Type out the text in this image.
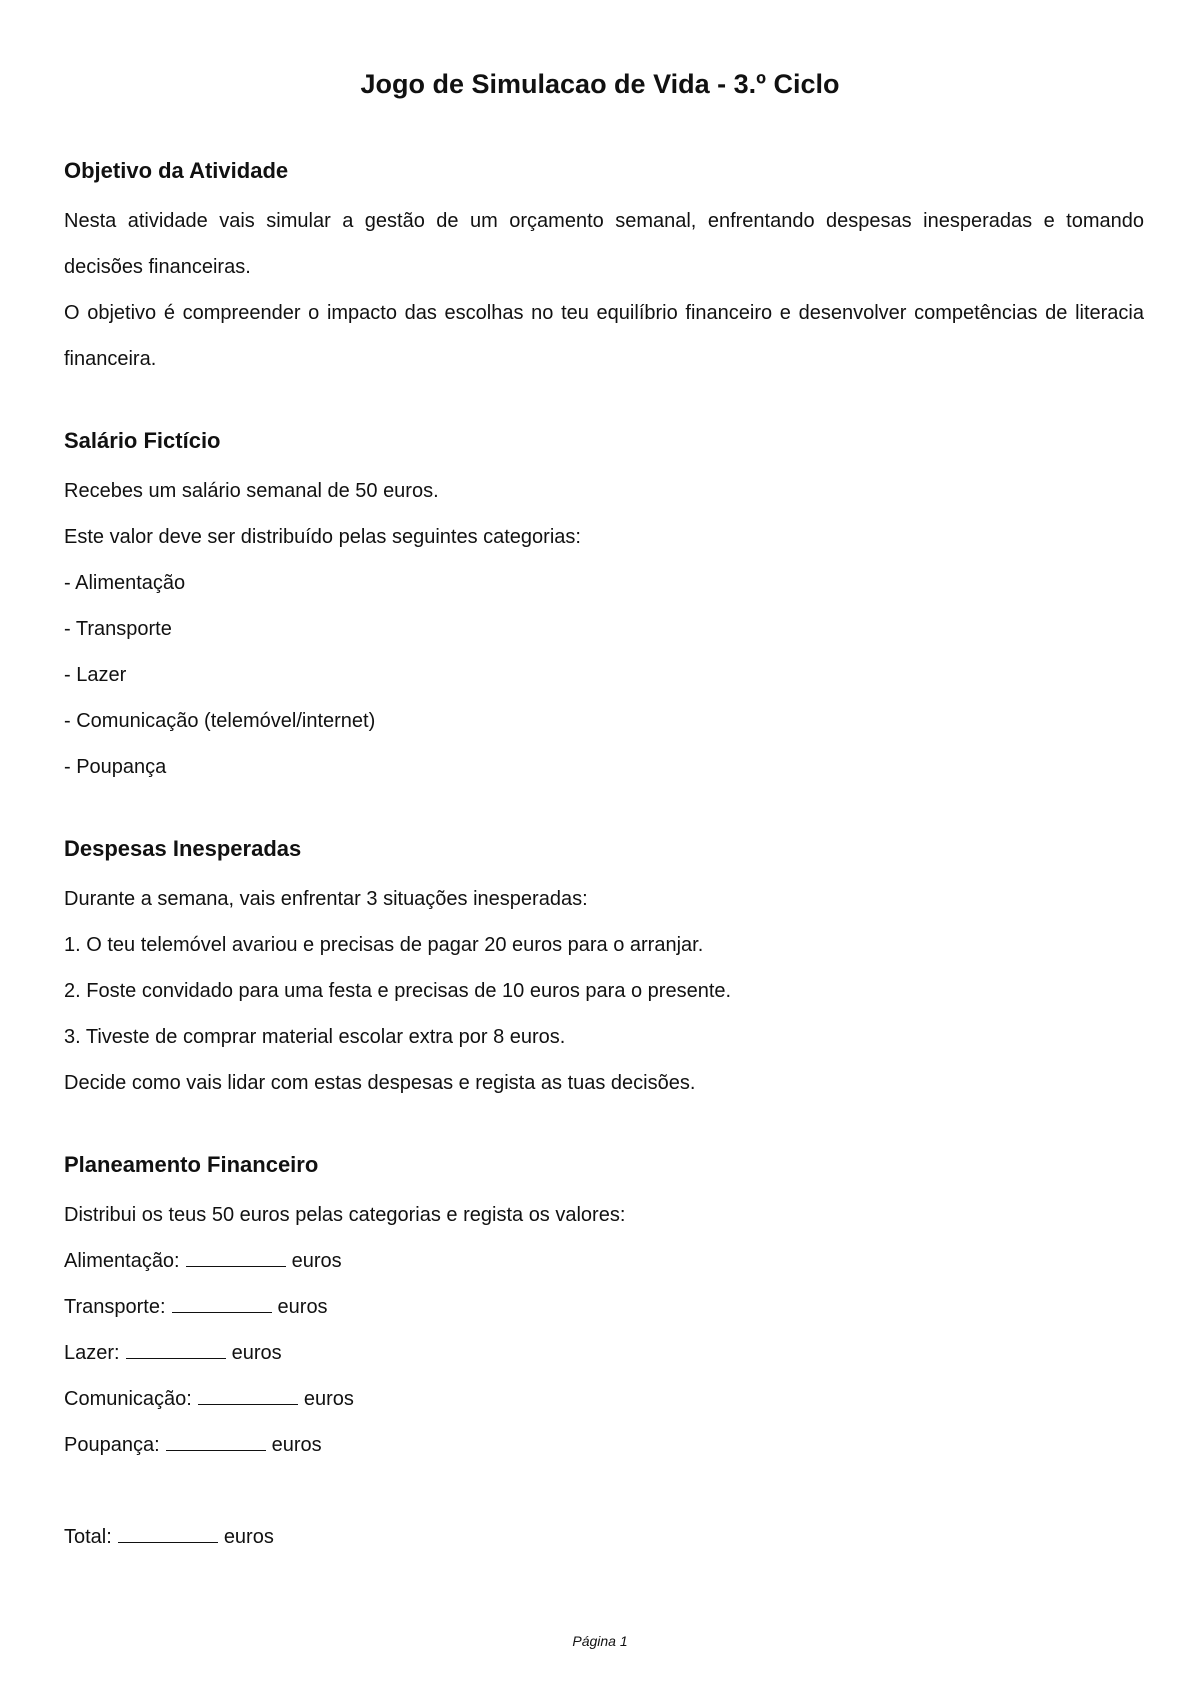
Jogo de Simulacao de Vida - 3.º Ciclo
Objetivo da Atividade

Nesta atividade vais simular a gestão de um orçamento semanal, enfrentando despesas inesperadas e tomando decisões financeiras.

O objetivo é compreender o impacto das escolhas no teu equilíbrio financeiro e desenvolver competências de literacia financeira.

Salário Fictício

Recebes um salário semanal de 50 euros.

Este valor deve ser distribuído pelas seguintes categorias:

- Alimentação

- Transporte

- Lazer

- Comunicação (telemóvel/internet)

- Poupança

Despesas Inesperadas

Durante a semana, vais enfrentar 3 situações inesperadas:

1. O teu telemóvel avariou e precisas de pagar 20 euros para o arranjar.

2. Foste convidado para uma festa e precisas de 10 euros para o presente.

3. Tiveste de comprar material escolar extra por 8 euros.

Decide como vais lidar com estas despesas e regista as tuas decisões.

Planeamento Financeiro

Distribui os teus 50 euros pelas categorias e regista os valores:

Alimentação:	euros

Transporte:	euros

Lazer:	euros

Comunicação:	euros

Poupança:	euros

Total:	euros

Página 1
